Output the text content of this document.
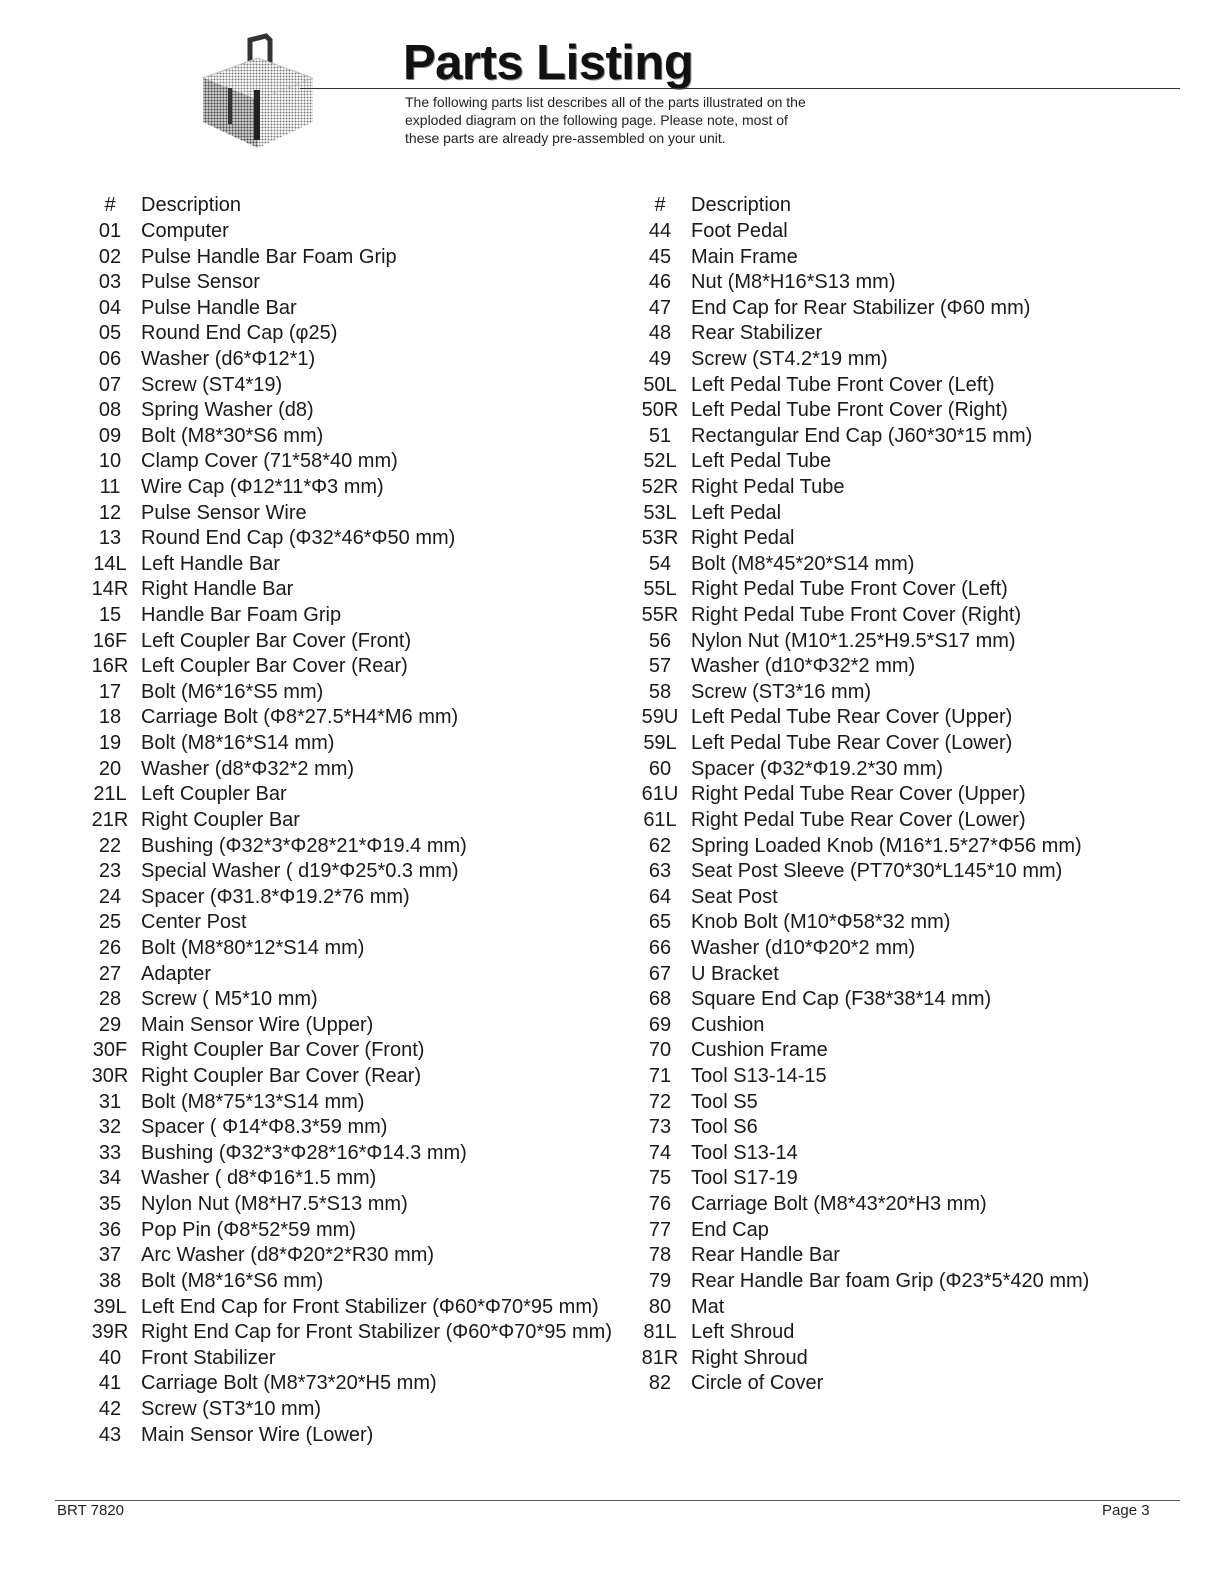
Parts Listing
The following parts list describes all of the parts illustrated on the
exploded diagram on the following page. Please note, most of
these parts are already pre-assembled on your unit.
#	Description
01 Computer
02 Pulse Handle Bar Foam Grip
03 Pulse Sensor
04 Pulse Handle Bar
05 Round End Cap (φ25)
06 Washer (d6*Φ12*1)
07 Screw (ST4*19)
08 Spring Washer (d8)
09 Bolt (M8*30*S6 mm)
10 Clamp Cover (71*58*40 mm)
11	Wire Cap (Φ12*11*Φ3 mm)
12 Pulse Sensor Wire
13 Round End Cap (Φ32*46*Φ50 mm)
14L Left Handle Bar
14R Right Handle Bar
15 Handle Bar Foam Grip
16F Left Coupler Bar Cover (Front)
16R Left Coupler Bar Cover (Rear)
17 Bolt (M6*16*S5 mm)
18 Carriage Bolt (Φ8*27.5*H4*M6 mm)
19 Bolt (M8*16*S14 mm)
20 Washer (d8*Φ32*2 mm)
21L Left Coupler Bar
21R Right Coupler Bar
22 Bushing (Φ32*3*Φ28*21*Φ19.4 mm)
23 Special Washer ( d19*Φ25*0.3 mm)
24 Spacer (Φ31.8*Φ19.2*76 mm)
25 Center Post
26 Bolt (M8*80*12*S14 mm)
27 Adapter
28 Screw ( M5*10 mm)
29 Main Sensor Wire (Upper)
30F Right Coupler Bar Cover (Front)
30R Right Coupler Bar Cover (Rear)
31 Bolt (M8*75*13*S14 mm)
32 Spacer ( Φ14*Φ8.3*59 mm)
33 Bushing (Φ32*3*Φ28*16*Φ14.3 mm)
34 Washer ( d8*Φ16*1.5 mm)
35 Nylon Nut (M8*H7.5*S13 mm)
36 Pop Pin (Φ8*52*59 mm)
37 Arc Washer (d8*Φ20*2*R30 mm)
38 Bolt (M8*16*S6 mm)
39L Left End Cap for Front Stabilizer (Φ60*Φ70*95 mm)
39R Right End Cap for Front Stabilizer (Φ60*Φ70*95 mm)
40 Front Stabilizer
41 Carriage Bolt (M8*73*20*H5 mm)
42 Screw (ST3*10 mm)
43 Main Sensor Wire (Lower)
#	Description
44 Foot Pedal
45 Main Frame
46 Nut (M8*H16*S13 mm)
47 End Cap for Rear Stabilizer (Φ60 mm)
48 Rear Stabilizer
49 Screw (ST4.2*19 mm)
50L Left Pedal Tube Front Cover (Left)
50R Left Pedal Tube Front Cover (Right)
51 Rectangular End Cap (J60*30*15 mm)
52L Left Pedal Tube
52R Right Pedal Tube
53L Left Pedal
53R Right Pedal
54 Bolt (M8*45*20*S14 mm)
55L Right Pedal Tube Front Cover (Left)
55R Right Pedal Tube Front Cover (Right)
56 Nylon Nut (M10*1.25*H9.5*S17 mm)
57 Washer (d10*Φ32*2 mm)
58 Screw (ST3*16 mm)
59U Left Pedal Tube Rear Cover (Upper)
59L Left Pedal Tube Rear Cover (Lower)
60 Spacer (Φ32*Φ19.2*30 mm)
61U Right Pedal Tube Rear Cover (Upper)
61L Right Pedal Tube Rear Cover (Lower)
62 Spring Loaded Knob (M16*1.5*27*Φ56 mm)
63 Seat Post Sleeve (PT70*30*L145*10 mm)
64 Seat Post
65 Knob Bolt (M10*Φ58*32 mm)
66 Washer (d10*Φ20*2 mm)
67 U Bracket
68 Square End Cap (F38*38*14 mm)
69 Cushion
70 Cushion Frame
71 Tool S13-14-15
72 Tool S5
73 Tool S6
74 Tool S13-14
75 Tool S17-19
76 Carriage Bolt (M8*43*20*H3 mm)
77 End Cap
78 Rear Handle Bar
79 Rear Handle Bar foam Grip (Φ23*5*420 mm)
80 Mat
81L Left Shroud
81R Right Shroud
82 Circle of Cover
BRT 7820	Page 3
